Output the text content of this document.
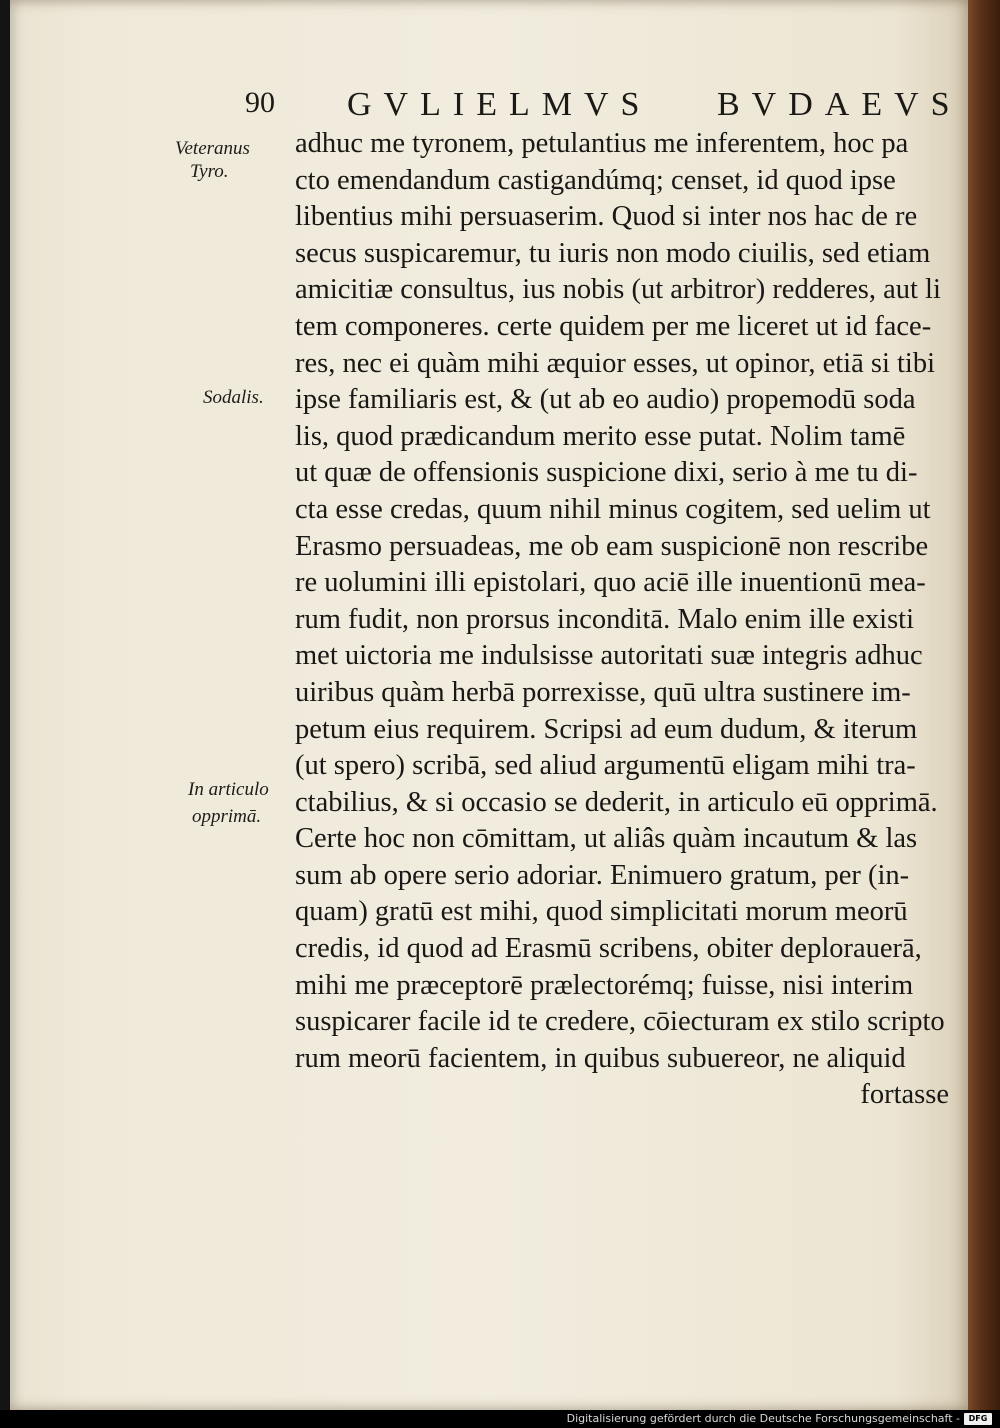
90 GVLIELMVS BVDAEVS
Veteranus
Tyro.
Sodalis.
In articulo
opprimā.
adhuc me tyronem, petulantius me inferentem, hoc pa
cto emendandum castigandúmq; censet, id quod ipse
libentius mihi persuaserim. Quod si inter nos hac de re
secus suspicaremur, tu iuris non modo ciuilis, sed etiam
amicitiæ consultus, ius nobis (ut arbitror) redderes, aut li
tem componeres. certe quidem per me liceret ut id face-
res, nec ei quàm mihi æquior esses, ut opinor, etiā si tibi
ipse familiaris est, & (ut ab eo audio) propemodū soda
lis, quod prædicandum merito esse putat. Nolim tamē
ut quæ de offensionis suspicione dixi, serio à me tu di-
cta esse credas, quum nihil minus cogitem, sed uelim ut
Erasmo persuadeas, me ob eam suspicionē non rescribe
re uolumini illi epistolari, quo aciē ille inuentionū mea-
rum fudit, non prorsus inconditā. Malo enim ille existi
met uictoria me indulsisse autoritati suæ integris adhuc
uiribus quàm herbā porrexisse, quū ultra sustinere im-
petum eius requirem. Scripsi ad eum dudum, & iterum
(ut spero) scribā, sed aliud argumentū eligam mihi tra-
ctabilius, & si occasio se dederit, in articulo eū opprimā.
Certe hoc non cōmittam, ut aliâs quàm incautum & las
sum ab opere serio adoriar. Enimuero gratum, per (in-
quam) gratū est mihi, quod simplicitati morum meorū
credis, id quod ad Erasmū scribens, obiter deplorauerā,
mihi me præceptorē prælectorémq; fuisse, nisi interim
suspicarer facile id te credere, cōiecturam ex stilo scripto
rum meorū facientem, in quibus subuereor, ne aliquid
fortasse
Digitalisierung gefördert durch die Deutsche Forschungsgemeinschaft -	DFG
